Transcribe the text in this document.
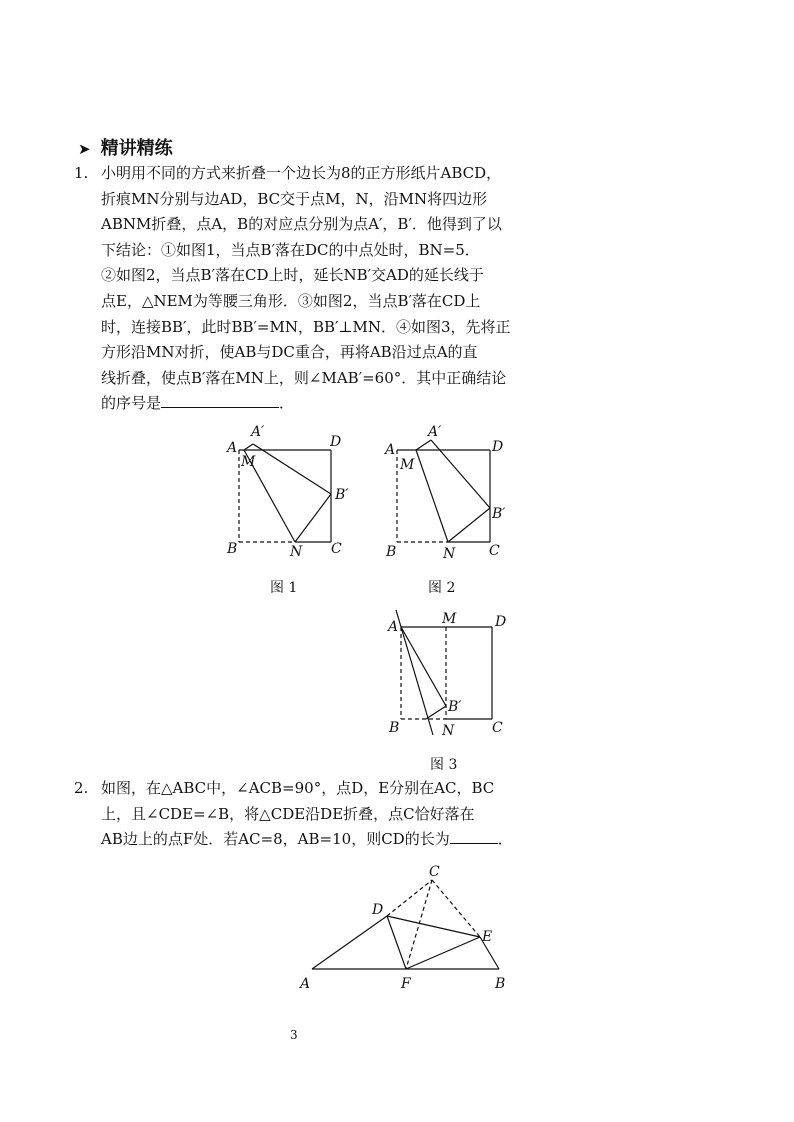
➤ 精讲精练
1. 小明用不同的方式来折叠一个边长为8的正方形纸片ABCD，
折痕MN分别与边AD，BC交于点M，N，沿MN将四边形
ABNM折叠，点A，B的对应点分别为点A′，B′．他得到了以
下结论：①如图1，当点B′落在DC的中点处时，BN=5．
②如图2，当点B′落在CD上时，延长NB′交AD的延长线于
点E，△NEM为等腰三角形．③如图2，当点B′落在CD上
时，连接BB′，此时BB′=MN，BB′⊥MN．④如图3，先将正
方形沿MN对折，使AB与DC重合，再将AB沿过点A的直
线折叠，使点B′落在MN上，则∠MAB′=60°．其中正确结论
的序号是	．
A
A′
M
D
B′
B	N C
A
A′
M
D
B′
B	N C
A	M	D
B′
B	N	C
C
D
E
A	F	B
图 1	图 2
图 3
2. 如图，在△ABC中，∠ACB=90°，点D，E分别在AC，BC
上，且∠CDE=∠B，将△CDE沿DE折叠，点C恰好落在
AB边上的点F处．若AC=8，AB=10，则CD的长为	．
3
